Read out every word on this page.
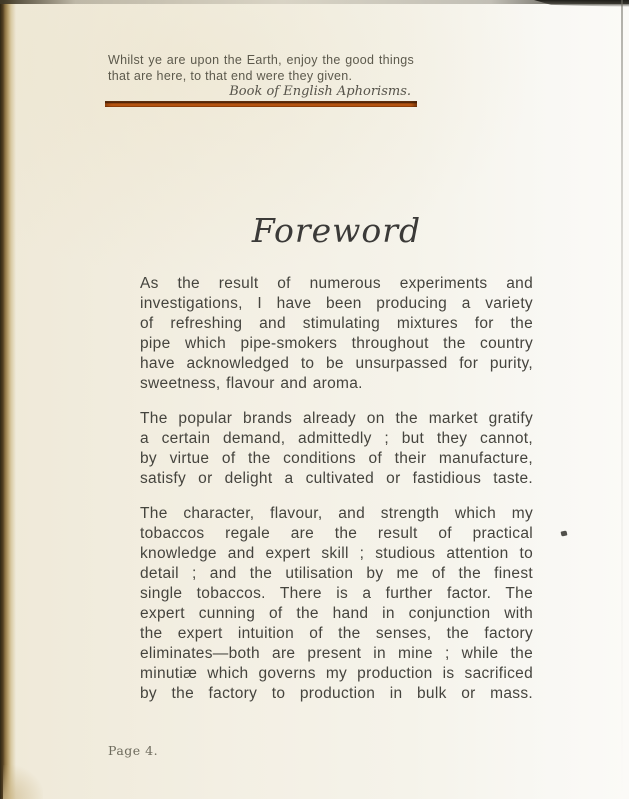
Whilst ye are upon the Earth, enjoy the good things
that are here, to that end were they given.
Book of English Aphorisms.
Foreword
As the result of numerous experiments and
investigations, I have been producing a variety
of refreshing and stimulating mixtures for the
pipe which pipe-smokers throughout the country
have acknowledged to be unsurpassed for purity,
sweetness, flavour and aroma.
The popular brands already on the market gratify
a certain demand, admittedly ; but they cannot,
by virtue of the conditions of their manufacture,
satisfy or delight a cultivated or fastidious taste.
The character, flavour, and strength which my
tobaccos regale are the result of practical
knowledge and expert skill ; studious attention to
detail ; and the utilisation by me of the finest
single tobaccos. There is a further factor. The
expert cunning of the hand in conjunction with
the expert intuition of the senses, the factory
eliminates—both are present in mine ; while the
minutiæ which governs my production is sacrificed
by the factory to production in bulk or mass.
Page 4.
